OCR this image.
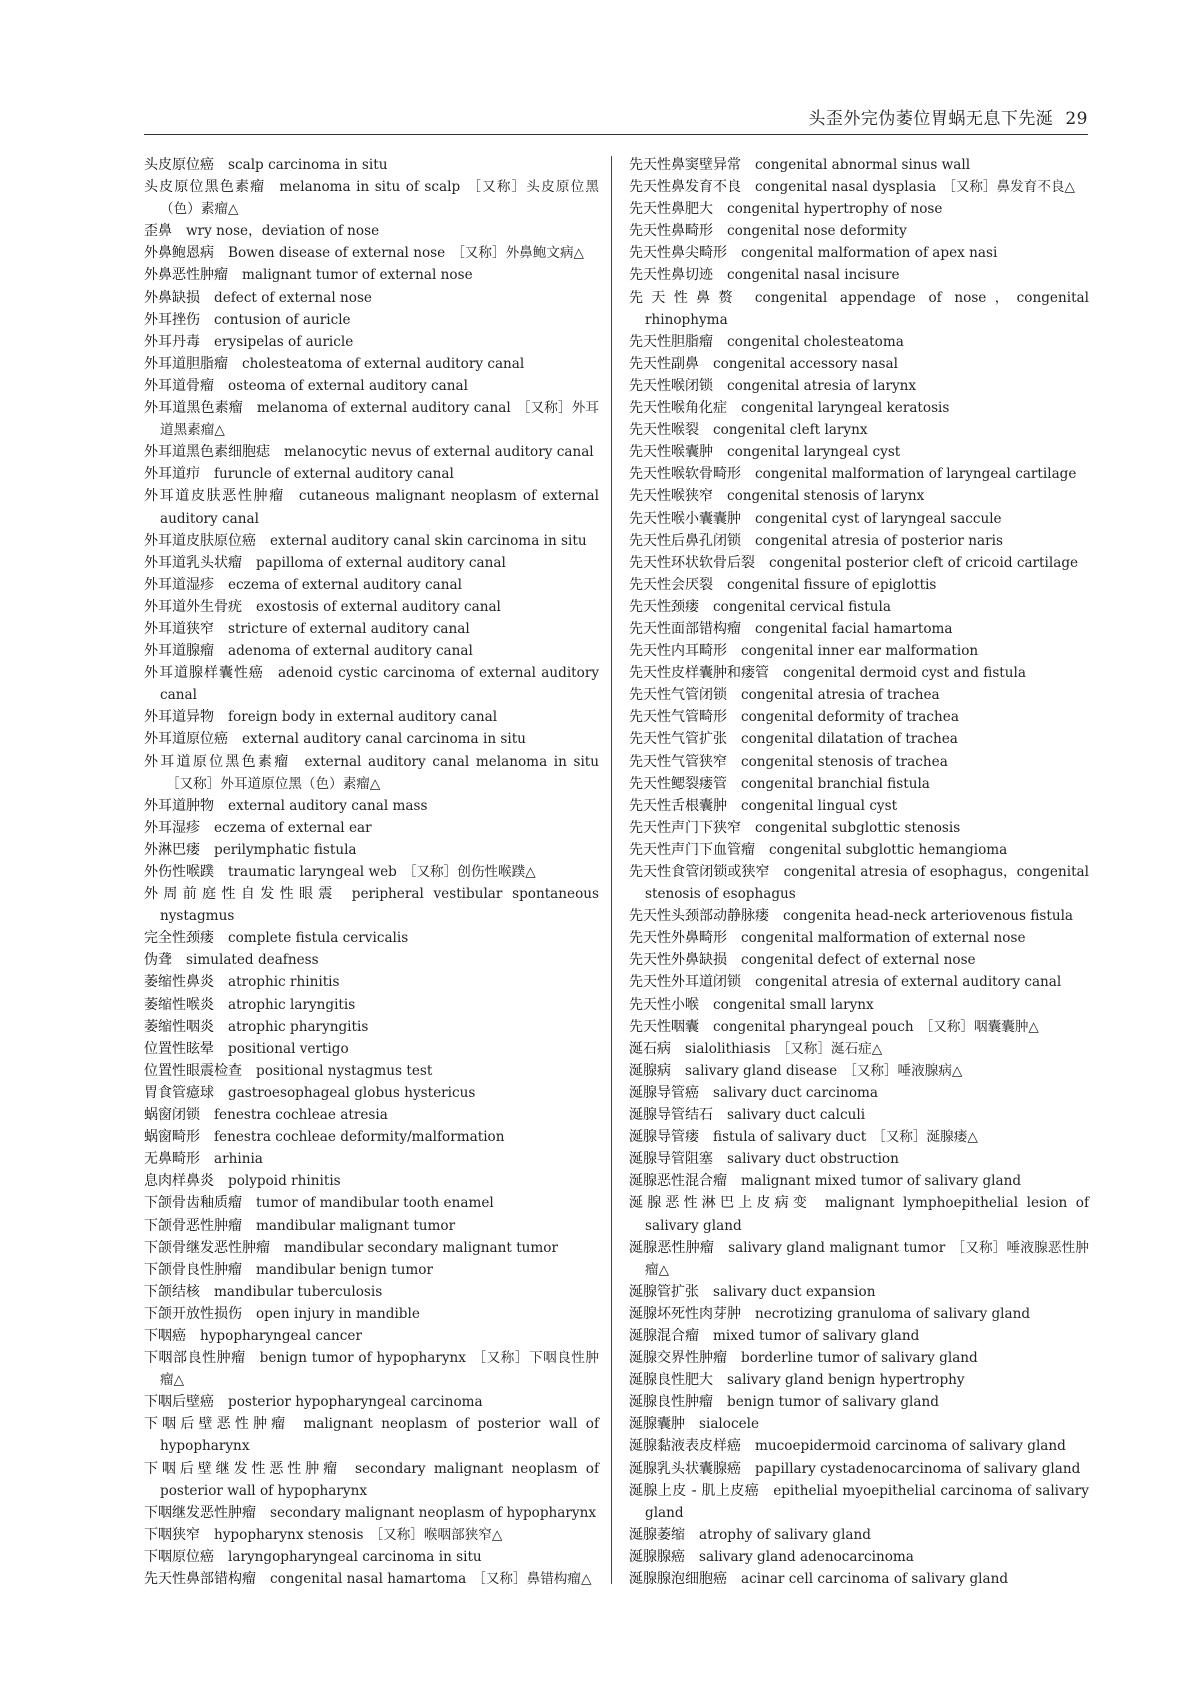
头歪外完伪萎位胃蜗无息下先涎 29
头皮原位癌 scalp carcinoma in situ
头皮原位黑色素瘤 melanoma in situ of scalp ［又称］头皮原位黑（色）素瘤△
歪鼻 wry nose，deviation of nose
外鼻鲍恩病 Bowen disease of external nose ［又称］外鼻鲍文病△
外鼻恶性肿瘤 malignant tumor of external nose
外鼻缺损 defect of external nose
外耳挫伤 contusion of auricle
外耳丹毒 erysipelas of auricle
外耳道胆脂瘤 cholesteatoma of external auditory canal
外耳道骨瘤 osteoma of external auditory canal
外耳道黑色素瘤 melanoma of external auditory canal ［又称］外耳道黑素瘤△
外耳道黑色素细胞痣 melanocytic nevus of external auditory canal
外耳道疖 furuncle of external auditory canal
外耳道皮肤恶性肿瘤 cutaneous malignant neoplasm of external auditory canal
外耳道皮肤原位癌 external auditory canal skin carcinoma in situ
外耳道乳头状瘤 papilloma of external auditory canal
外耳道湿疹 eczema of external auditory canal
外耳道外生骨疣 exostosis of external auditory canal
外耳道狭窄 stricture of external auditory canal
外耳道腺瘤 adenoma of external auditory canal
外耳道腺样囊性癌 adenoid cystic carcinoma of external auditory canal
外耳道异物 foreign body in external auditory canal
外耳道原位癌 external auditory canal carcinoma in situ
外耳道原位黑色素瘤 external auditory canal melanoma in situ［又称］外耳道原位黑（色）素瘤△
外耳道肿物 external auditory canal mass
外耳湿疹 eczema of external ear
外淋巴瘘 perilymphatic fistula
外伤性喉蹼 traumatic laryngeal web ［又称］创伤性喉蹼△
外周前庭性自发性眼震 peripheral vestibular spontaneous nystagmus
完全性颈瘘 complete fistula cervicalis
伪聋 simulated deafness
萎缩性鼻炎 atrophic rhinitis
萎缩性喉炎 atrophic laryngitis
萎缩性咽炎 atrophic pharyngitis
位置性眩晕 positional vertigo
位置性眼震检查 positional nystagmus test
胃食管癔球 gastroesophageal globus hystericus
蜗窗闭锁 fenestra cochleae atresia
蜗窗畸形 fenestra cochleae deformity/malformation
无鼻畸形 arhinia
息肉样鼻炎 polypoid rhinitis
下颌骨齿釉质瘤 tumor of mandibular tooth enamel
下颌骨恶性肿瘤 mandibular malignant tumor
下颌骨继发恶性肿瘤 mandibular secondary malignant tumor
下颌骨良性肿瘤 mandibular benign tumor
下颌结核 mandibular tuberculosis
下颌开放性损伤 open injury in mandible
下咽癌 hypopharyngeal cancer
下咽部良性肿瘤 benign tumor of hypopharynx ［又称］下咽良性肿瘤△
下咽后壁癌 posterior hypopharyngeal carcinoma
下咽后壁恶性肿瘤 malignant neoplasm of posterior wall of hypopharynx
下咽后壁继发性恶性肿瘤 secondary malignant neoplasm of posterior wall of hypopharynx
下咽继发恶性肿瘤 secondary malignant neoplasm of hypopharynx
下咽狭窄 hypopharynx stenosis ［又称］喉咽部狭窄△
下咽原位癌 laryngopharyngeal carcinoma in situ
先天性鼻部错构瘤 congenital nasal hamartoma ［又称］鼻错构瘤△
先天性鼻窦壁异常 congenital abnormal sinus wall
先天性鼻发育不良 congenital nasal dysplasia ［又称］鼻发育不良△
先天性鼻肥大 congenital hypertrophy of nose
先天性鼻畸形 congenital nose deformity
先天性鼻尖畸形 congenital malformation of apex nasi
先天性鼻切迹 congenital nasal incisure
先天性鼻赘 congenital appendage of nose，congenital rhinophyma
先天性胆脂瘤 congenital cholesteatoma
先天性副鼻 congenital accessory nasal
先天性喉闭锁 congenital atresia of larynx
先天性喉角化症 congenital laryngeal keratosis
先天性喉裂 congenital cleft larynx
先天性喉囊肿 congenital laryngeal cyst
先天性喉软骨畸形 congenital malformation of laryngeal cartilage
先天性喉狭窄 congenital stenosis of larynx
先天性喉小囊囊肿 congenital cyst of laryngeal saccule
先天性后鼻孔闭锁 congenital atresia of posterior naris
先天性环状软骨后裂 congenital posterior cleft of cricoid cartilage
先天性会厌裂 congenital fissure of epiglottis
先天性颈瘘 congenital cervical fistula
先天性面部错构瘤 congenital facial hamartoma
先天性内耳畸形 congenital inner ear malformation
先天性皮样囊肿和瘘管 congenital dermoid cyst and fistula
先天性气管闭锁 congenital atresia of trachea
先天性气管畸形 congenital deformity of trachea
先天性气管扩张 congenital dilatation of trachea
先天性气管狭窄 congenital stenosis of trachea
先天性鳃裂瘘管 congenital branchial fistula
先天性舌根囊肿 congenital lingual cyst
先天性声门下狭窄 congenital subglottic stenosis
先天性声门下血管瘤 congenital subglottic hemangioma
先天性食管闭锁或狭窄 congenital atresia of esophagus，congenital stenosis of esophagus
先天性头颈部动静脉瘘 congenita head-neck arteriovenous fistula
先天性外鼻畸形 congenital malformation of external nose
先天性外鼻缺损 congenital defect of external nose
先天性外耳道闭锁 congenital atresia of external auditory canal
先天性小喉 congenital small larynx
先天性咽囊 congenital pharyngeal pouch ［又称］咽囊囊肿△
涎石病 sialolithiasis ［又称］涎石症△
涎腺病 salivary gland disease ［又称］唾液腺病△
涎腺导管癌 salivary duct carcinoma
涎腺导管结石 salivary duct calculi
涎腺导管瘘 fistula of salivary duct ［又称］涎腺瘘△
涎腺导管阻塞 salivary duct obstruction
涎腺恶性混合瘤 malignant mixed tumor of salivary gland
涎腺恶性淋巴上皮病变 malignant lymphoepithelial lesion of salivary gland
涎腺恶性肿瘤 salivary gland malignant tumor ［又称］唾液腺恶性肿瘤△
涎腺管扩张 salivary duct expansion
涎腺坏死性肉芽肿 necrotizing granuloma of salivary gland
涎腺混合瘤 mixed tumor of salivary gland
涎腺交界性肿瘤 borderline tumor of salivary gland
涎腺良性肥大 salivary gland benign hypertrophy
涎腺良性肿瘤 benign tumor of salivary gland
涎腺囊肿 sialocele
涎腺黏液表皮样癌 mucoepidermoid carcinoma of salivary gland
涎腺乳头状囊腺癌 papillary cystadenocarcinoma of salivary gland
涎腺上皮 - 肌上皮癌 epithelial myoepithelial carcinoma of salivary gland
涎腺萎缩 atrophy of salivary gland
涎腺腺癌 salivary gland adenocarcinoma
涎腺腺泡细胞癌 acinar cell carcinoma of salivary gland
